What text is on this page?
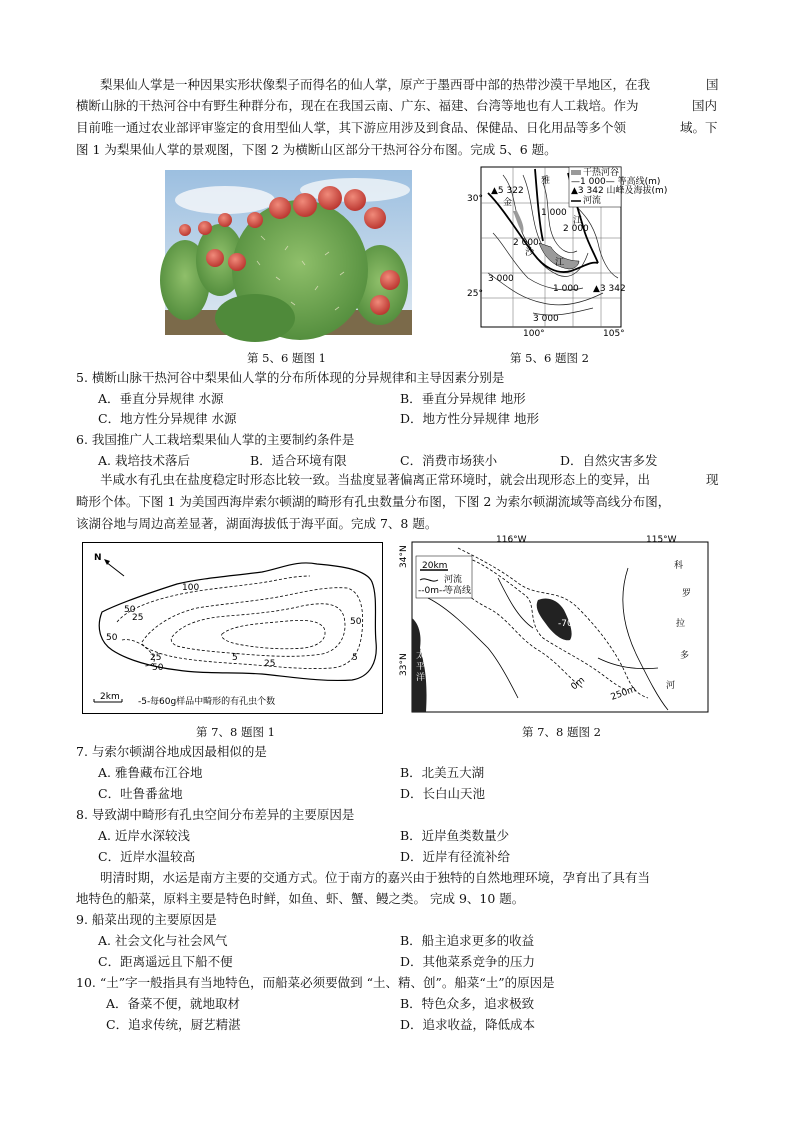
梨果仙人掌是一种因果实形状像梨子而得名的仙人掌，原产于墨西哥中部的热带沙漠干旱地区，在我	国
横断山脉的干热河谷中有野生种群分布，现在在我国云南、广东、福建、台湾等地也有人工栽培。作为	国内
目前唯一通过农业部评审鉴定的食用型仙人掌，其下游应用涉及到食品、保健品、日化用品等多个领	域。下
图 1 为梨果仙人掌的景观图，下图 2 为横断山区部分干热河谷分布图。完成 5、6 题。
▲5 322
▲3 342
1 000
2 000
1 000
2 000
3 000
3 000
30°
25°
100°	105°
金
沙
江
雅
江
干热河谷
—1 000— 等高线(m)
▲3 342 山峰及海拔(m)
河流
第 5、6 题图 1	第 5、6 题图 2
5. 横断山脉干热河谷中梨果仙人掌的分布所体现的分异规律和主导因素分别是
A．垂直分异规律 水源	B．垂直分异规律 地形
C．地方性分异规律 水源	D．地方性分异规律 地形
6. 我国推广人工栽培梨果仙人掌的主要制约条件是
A. 栽培技术落后	B．适合环境有限	C．消费市场狭小	D．自然灾害多发
半咸水有孔虫在盐度稳定时形态比较一致。当盐度显著偏离正常环境时，就会出现形态上的变异，出	现
畸形个体。下图 1 为美国西海岸索尔顿湖的畸形有孔虫数量分布图，下图 2 为索尔顿湖流域等高线分布图，
该湖谷地与周边高差显著，湖面海拔低于海平面。完成 7、8 题。
100
50
50
25
25	5
50
25
5
50
N
2km -5- 每60g样品中畸形的有孔虫个数
116°W	115°W
34°N
33°N 太
平
洋
-70m
20km
河流
--0m--
等高线
0m
250m
科
罗
拉
多
河
第 7、8 题图 1	第 7、8 题图 2
7. 与索尔顿湖谷地成因最相似的是
A. 雅鲁藏布江谷地	B．北美五大湖
C．吐鲁番盆地	D．长白山天池
8. 导致湖中畸形有孔虫空间分布差异的主要原因是
A. 近岸水深较浅	B．近岸鱼类数量少
C．近岸水温较高	D．近岸有径流补给
明清时期，水运是南方主要的交通方式。位于南方的嘉兴由于独特的自然地理环境，孕育出了具有当
地特色的船菜，原料主要是特色时鲜，如鱼、虾、蟹、鳗之类。 完成 9、10 题。
9. 船菜出现的主要原因是
A. 社会文化与社会风气	B．船主追求更多的收益
C．距离遥远且下船不便	D．其他菜系竞争的压力
10. “土”字一般指具有当地特色，而船菜必须要做到 “土、精、创”。船菜“土”的原因是
A．备菜不便，就地取材	B．特色众多，追求极致
C．追求传统，厨艺精湛	D．追求收益，降低成本
